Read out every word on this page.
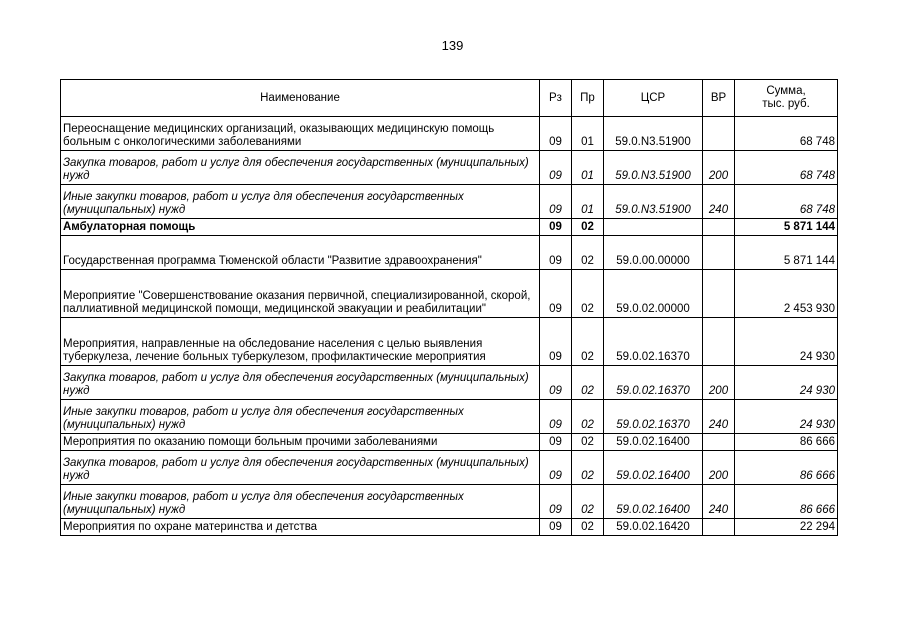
139
Наименование	Рз	Пр	ЦСР	ВР	Сумма,
тыс. руб.

Переоснащение медицинских организаций, оказывающих медицинскую помощь больным с онкологическими заболеваниями	09	01	59.0.N3.51900		68 748
Закупка товаров, работ и услуг для обеспечения государственных (муниципальных) нужд	09	01	59.0.N3.51900	200	68 748
Иные закупки товаров, работ и услуг для обеспечения государственных (муниципальных) нужд	09	01	59.0.N3.51900	240	68 748
Амбулаторная помощь	09	02			5 871 144
Государственная программа Тюменской области "Развитие здравоохранения"	09	02	59.0.00.00000		5 871 144
Мероприятие "Совершенствование оказания первичной, специализированной, скорой, паллиативной медицинской помощи, медицинской эвакуации и реабилитации"	09	02	59.0.02.00000		2 453 930
Мероприятия, направленные на обследование населения с целью выявления туберкулеза, лечение больных туберкулезом, профилактические мероприятия	09	02	59.0.02.16370		24 930
Закупка товаров, работ и услуг для обеспечения государственных (муниципальных) нужд	09	02	59.0.02.16370	200	24 930
Иные закупки товаров, работ и услуг для обеспечения государственных (муниципальных) нужд	09	02	59.0.02.16370	240	24 930
Мероприятия по оказанию помощи больным прочими заболеваниями	09	02	59.0.02.16400		86 666
Закупка товаров, работ и услуг для обеспечения государственных (муниципальных) нужд	09	02	59.0.02.16400	200	86 666
Иные закупки товаров, работ и услуг для обеспечения государственных (муниципальных) нужд	09	02	59.0.02.16400	240	86 666
Мероприятия по охране материнства и детства	09	02	59.0.02.16420		22 294
